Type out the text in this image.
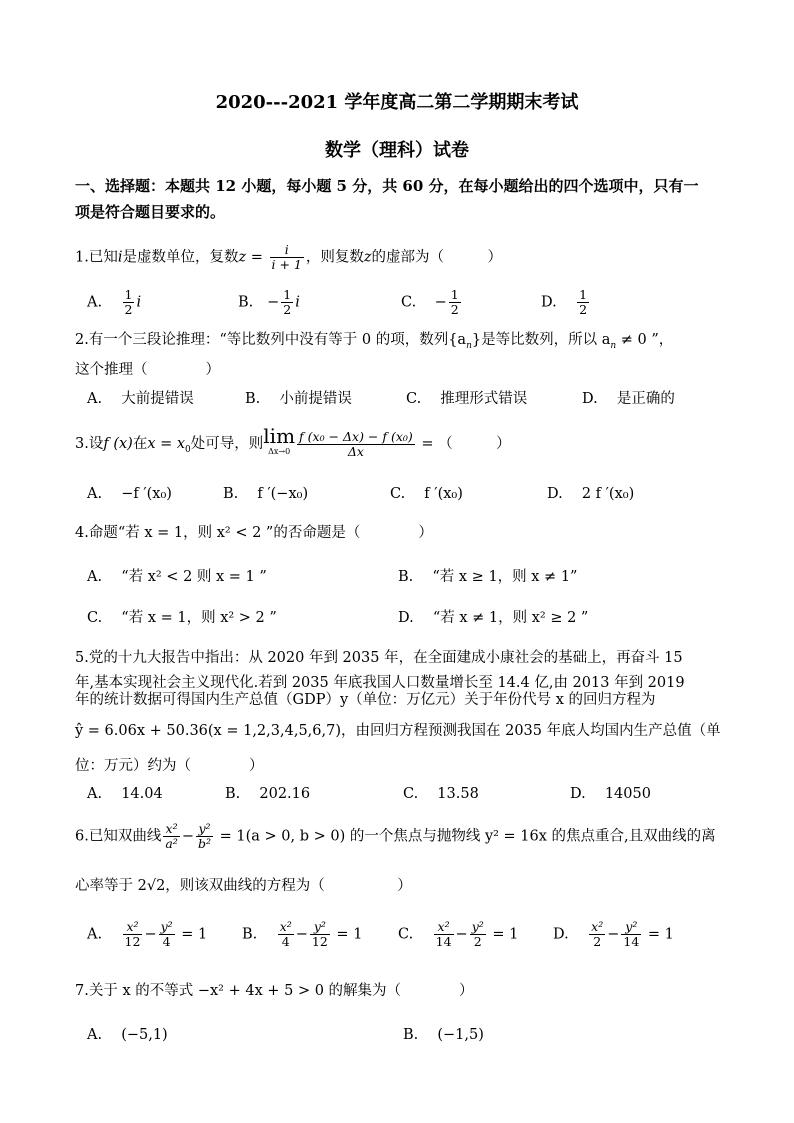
2020---2021 学年度高二第二学期期末考试
数学（理科）试卷
一、选择题：本题共 12 小题，每小题 5 分，共 60 分，在每小题给出的四个选项中，只有一
项是符合题目要求的。
1.已知i是虚数单位，复数$z = \frac{i}{i + 1}$ ，则复数z的虚部为（　　　）
A. $\frac{1}{2}$ i	B. − $\frac{1}{2}$ i	C. − $\frac{1}{2}$	D. $\frac{1}{2}$
2.有一个三段论推理：“等比数列中没有等于 0 的项，数列$\{a_n\}$是等比数列，所以 $a_n \ne 0$ ”，
这个推理（　　　　）
A.　 大前提错误	B.　 小前提错误	C.　 推理形式错误	D.　 是正确的
3.设f (x)在$x = x_0$处可导，则 lim
$\Delta x\to 0 \frac{\text{f (x₀ − Δx) − f (x₀)}}{\Delta x}$ = （　　　）
A.　 −f ′(x₀)	B.　 f ′(−x₀)	C.　 f ′(x₀)	D.　 2 f ′(x₀)
4.命题“若 x = 1，则 x² < 2 ”的否命题是（　　　　）
A.　 “若 x² < 2 则 x = 1 ”	B.　 “若 x ≥ 1，则 x ≠ 1”
C.　 “若 x = 1，则 x² > 2 ”	D.　 “若 x ≠ 1，则 x² ≥ 2 ”
5.党的十九大报告中指出：从 2020 年到 2035 年，在全面建成小康社会的基础上，再奋斗 15
年,基本实现社会主义现代化.若到 2035 年底我国人口数量增长至 14.4 亿,由 2013 年到 2019
年的统计数据可得国内生产总值（GDP）y（单位：万亿元）关于年份代号 x 的回归方程为
ŷ = 6.06x + 50.36(x = 1,2,3,4,5,6,7)，由回归方程预测我国在 2035 年底人均国内生产总值（单
位：万元）约为（　　　　）
A.　 14.04	B.　 202.16	C.　 13.58	D.　 14050
6.已知双曲线 $\frac{\text{x²}}{\text{a²}} - \frac{\text{y²}}{\text{b²}} = 1(a > 0$, b > 0) 的一个焦点与抛物线 y² = 16x 的焦点重合,且双曲线的离
心率等于 2√2，则该双曲线的方程为（　　　　　）
A. $\frac{\text{x²}}{12} - \frac{\text{y²}}{4} = 1$ B. $\frac{\text{x²}}{4} - \frac{\text{y²}}{12} = 1$ C. $\frac{\text{x²}}{14} - \frac{\text{y²}}{2} = 1$ D. $\frac{\text{x²}}{2} - \frac{\text{y²}}{14} = 1$
7.关于 x 的不等式 −x² + 4x + 5 > 0 的解集为（　　　　）
A.　 (−5,1)	B.　 (−1,5)
